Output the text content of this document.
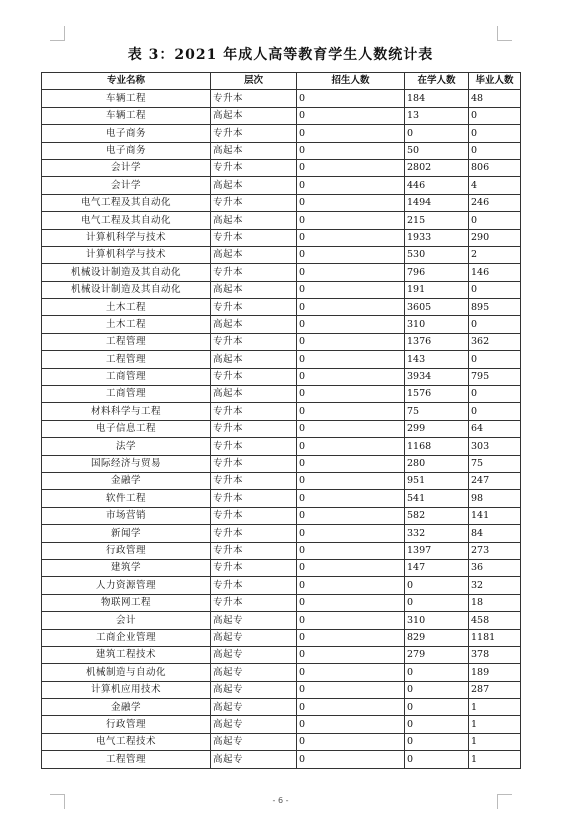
表 3：2021 年成人高等教育学生人数统计表
专业名称	层次	招生人数	在学人数	毕业人数
车辆工程	专升本	0	184	48
车辆工程	高起本	0	13	0
电子商务	专升本	0	0	0
电子商务	高起本	0	50	0
会计学	专升本	0	2802	806
会计学	高起本	0	446	4
电气工程及其自动化	专升本	0	1494	246
电气工程及其自动化	高起本	0	215	0
计算机科学与技术	专升本	0	1933	290
计算机科学与技术	高起本	0	530	2
机械设计制造及其自动化	专升本	0	796	146
机械设计制造及其自动化	高起本	0	191	0
土木工程	专升本	0	3605	895
土木工程	高起本	0	310	0
工程管理	专升本	0	1376	362
工程管理	高起本	0	143	0
工商管理	专升本	0	3934	795
工商管理	高起本	0	1576	0
材料科学与工程	专升本	0	75	0
电子信息工程	专升本	0	299	64
法学	专升本	0	1168	303
国际经济与贸易	专升本	0	280	75
金融学	专升本	0	951	247
软件工程	专升本	0	541	98
市场营销	专升本	0	582	141
新闻学	专升本	0	332	84
行政管理	专升本	0	1397	273
建筑学	专升本	0	147	36
人力资源管理	专升本	0	0	32
物联网工程	专升本	0	0	18
会计	高起专	0	310	458
工商企业管理	高起专	0	829	1181
建筑工程技术	高起专	0	279	378
机械制造与自动化	高起专	0	0	189
计算机应用技术	高起专	0	0	287
金融学	高起专	0	0	1
行政管理	高起专	0	0	1
电气工程技术	高起专	0	0	1
工程管理	高起专	0	0	1
- 6 -
